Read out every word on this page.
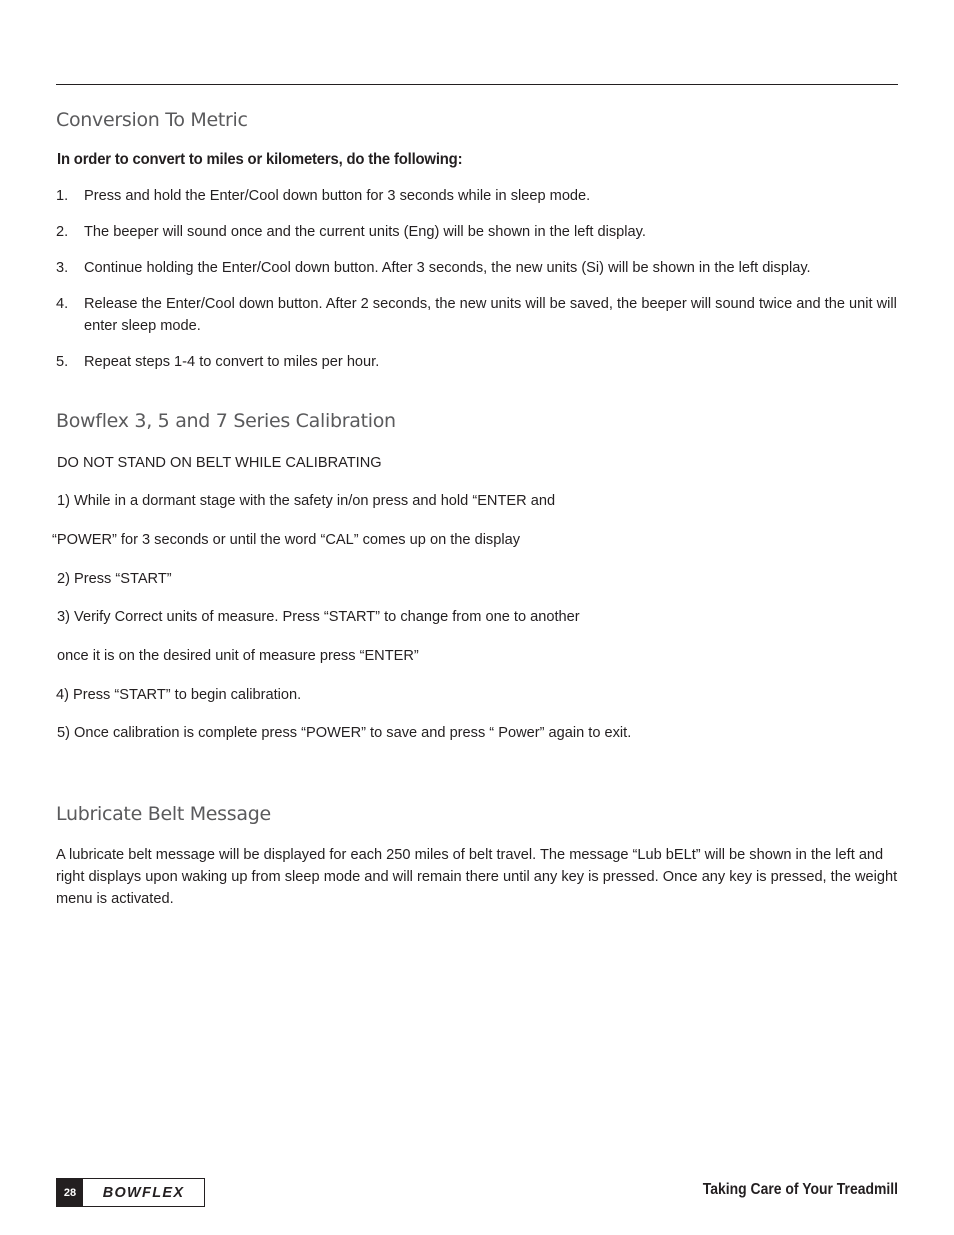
Conversion To Metric

In order to convert to miles or kilometers, do the following:

1. Press and hold the Enter/Cool down button for 3 seconds while in sleep mode.
2. The beeper will sound once and the current units (Eng) will be shown in the left display.
3. Continue holding the Enter/Cool down button. After 3 seconds, the new units (Si) will be shown in the left display.
4. Release the Enter/Cool down button. After 2 seconds, the new units will be saved, the beeper will sound twice and the unit will enter sleep mode.
5. Repeat steps 1-4 to convert to miles per hour.
Bowflex 3, 5 and 7 Series Calibration
DO NOT STAND ON BELT WHILE CALIBRATING
1) While in a dormant stage with the safety in/on press and hold “ENTER and
“POWER” for 3 seconds or until the word “CAL” comes up on the display
2) Press “START”
3) Verify Correct units of measure. Press “START” to change from one to another
once it is on the desired unit of measure press “ENTER”
4) Press “START” to begin calibration.
5) Once calibration is complete press “POWER” to save and press “ Power” again to exit.
Lubricate Belt Message

A lubricate belt message will be displayed for each 250 miles of belt travel. The message “Lub bELt” will be shown in the left and right displays upon waking up from sleep mode and will remain there until any key is pressed. Once any key is pressed, the weight menu is activated.

28	BOWFLEX	Taking Care of Your Treadmill
